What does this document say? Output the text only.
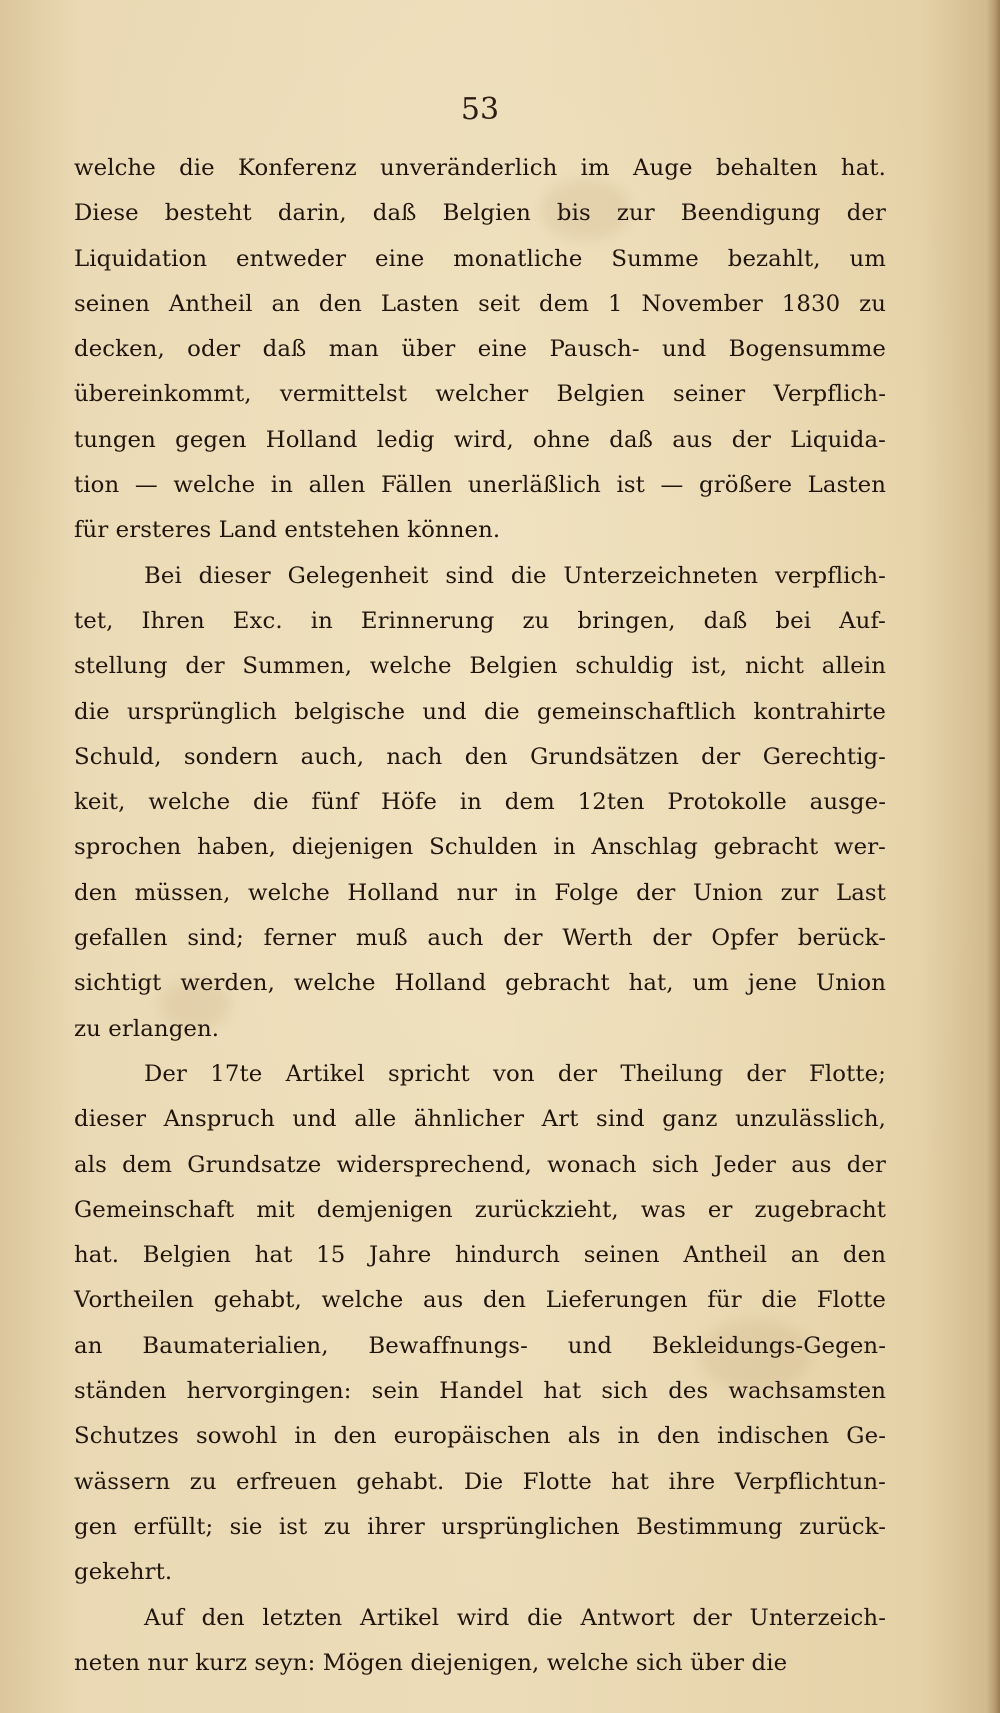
53
welche die Konferenz unveränderlich im Auge behalten hat.
Diese besteht darin, daß Belgien bis zur Beendigung der
Liquidation entweder eine monatliche Summe bezahlt, um
seinen Antheil an den Lasten seit dem 1 November 1830 zu
decken, oder daß man über eine Pausch- und Bogensumme
übereinkommt, vermittelst welcher Belgien seiner Verpflich-
tungen gegen Holland ledig wird, ohne daß aus der Liquida-
tion — welche in allen Fällen unerläßlich ist — größere Lasten
für ersteres Land entstehen können.
Bei dieser Gelegenheit sind die Unterzeichneten verpflich-
tet, Ihren Exc. in Erinnerung zu bringen, daß bei Auf-
stellung der Summen, welche Belgien schuldig ist, nicht allein
die ursprünglich belgische und die gemeinschaftlich kontrahirte
Schuld, sondern auch, nach den Grundsätzen der Gerechtig-
keit, welche die fünf Höfe in dem 12ten Protokolle ausge-
sprochen haben, diejenigen Schulden in Anschlag gebracht wer-
den müssen, welche Holland nur in Folge der Union zur Last
gefallen sind; ferner muß auch der Werth der Opfer berück-
sichtigt werden, welche Holland gebracht hat, um jene Union
zu erlangen.
Der 17te Artikel spricht von der Theilung der Flotte;
dieser Anspruch und alle ähnlicher Art sind ganz unzulässlich,
als dem Grundsatze widersprechend, wonach sich Jeder aus der
Gemeinschaft mit demjenigen zurückzieht, was er zugebracht
hat. Belgien hat 15 Jahre hindurch seinen Antheil an den
Vortheilen gehabt, welche aus den Lieferungen für die Flotte
an Baumaterialien, Bewaffnungs- und Bekleidungs-Gegen-
ständen hervorgingen: sein Handel hat sich des wachsamsten
Schutzes sowohl in den europäischen als in den indischen Ge-
wässern zu erfreuen gehabt. Die Flotte hat ihre Verpflichtun-
gen erfüllt; sie ist zu ihrer ursprünglichen Bestimmung zurück-
gekehrt.
Auf den letzten Artikel wird die Antwort der Unterzeich-
neten nur kurz seyn: Mögen diejenigen, welche sich über die
